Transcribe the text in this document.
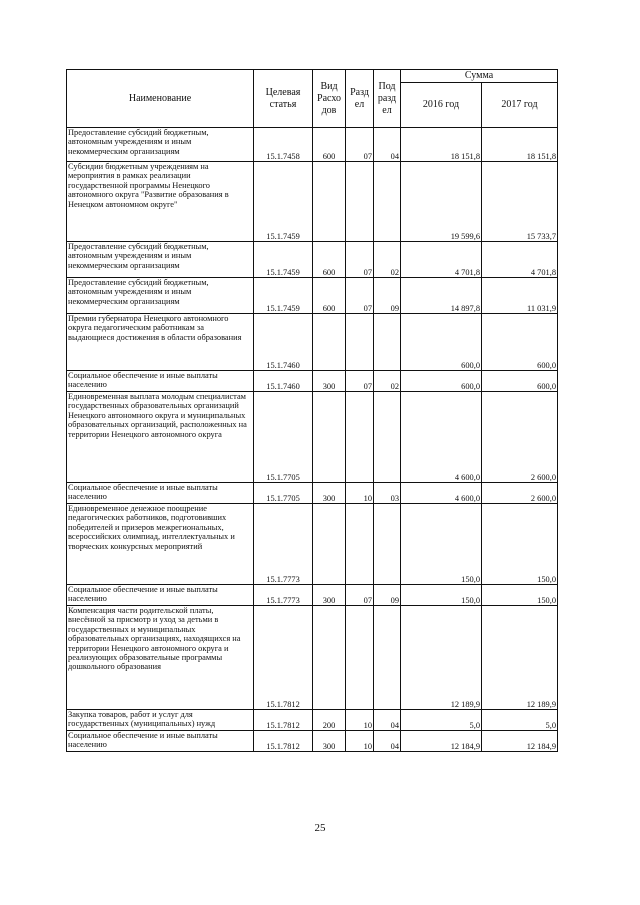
Наименование	Целевая статья	Вид Расхо дов	Разд ел	Под разд ел	Сумма	
					2016 год	2017 год
Предоставление субсидий бюджетным, автономным учреждениям и иным некоммерческим организациям	15.1.7458	600	07	04	18 151,8	18 151,8
Субсидии бюджетным учреждениям на мероприятия в рамках реализации государственной программы Ненецкого автономного округа "Развитие образования в Ненецком автономном округе"	15.1.7459				19 599,6	15 733,7
Предоставление субсидий бюджетным, автономным учреждениям и иным некоммерческим организациям	15.1.7459	600	07	02	4 701,8	4 701,8
Предоставление субсидий бюджетным, автономным учреждениям и иным некоммерческим организациям	15.1.7459	600	07	09	14 897,8	11 031,9
Премии губернатора Ненецкого автономного округа педагогическим работникам за выдающиеся достижения в области образования	15.1.7460				600,0	600,0
Социальное обеспечение и иные выплаты населению	15.1.7460	300	07	02	600,0	600,0
Единовременная выплата молодым специалистам государственных образовательных организаций Ненецкого автономного округа и муниципальных образовательных организаций, расположенных на территории Ненецкого автономного округа	15.1.7705				4 600,0	2 600,0
Социальное обеспечение и иные выплаты населению	15.1.7705	300	10	03	4 600,0	2 600,0
Единовременное денежное поощрение педагогических работников, подготовивших победителей и призеров межрегиональных, всероссийских олимпиад, интеллектуальных и творческих конкурсных мероприятий	15.1.7773				150,0	150,0
Социальное обеспечение и иные выплаты населению	15.1.7773	300	07	09	150,0	150,0
Компенсация части родительской платы, внесённой за присмотр и уход за детьми в государственных и муниципальных образовательных организациях, находящихся на территории Ненецкого автономного округа и реализующих образовательные программы дошкольного образования	15.1.7812				12 189,9	12 189,9
Закупка товаров, работ и услуг для государственных (муниципальных) нужд	15.1.7812	200	10	04	5,0	5,0
Социальное обеспечение и иные выплаты населению	15.1.7812	300	10	04	12 184,9	12 184,9
25
